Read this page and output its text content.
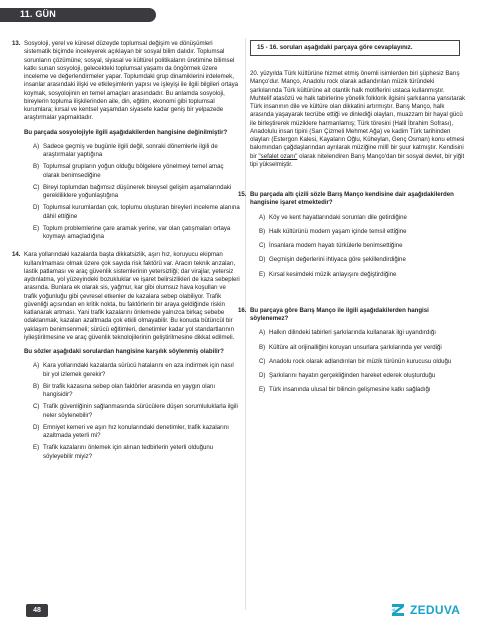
11. GÜN
13. Sosyoloji, yerel ve küresel düzeyde toplumsal değişim ve dönüşümleri sistematik biçimde inceleyerek açıklayan bir sosyal bilim dalıdır. Toplumsal sorunların çözümüne; sosyal, siyasal ve kültürel politikaların üretimine bilimsel katkı sunan sosyoloji, gelecekteki toplumsal yaşamı da öngörmek üzere inceleme ve değerlendirmeler yapar. Toplumdaki grup dinamiklerini irdelemek, insanlar arasındaki ilişki ve etkileşimlerin yapısı ve işleyişi ile ilgili bilgileri ortaya koymak, sosyolojinin en temel amaçları arasındadır. Bu anlamda sosyoloji, bireylerin topluma ilişkilerinden aile, din, eğitim, ekonomi gibi toplumsal kurumlara; kırsal ve kentsel yaşamdan siyasete kadar geniş bir yelpazede araştırmalar yapmaktadır.

Bu parçada sosyolojiyle ilgili aşağıdakilerden hangisine değinilmiştir?

A) Sadece geçmiş ve bugünle ilgili değil, sonraki dönemlerle ilgili de araştırmalar yaptığına

B) Toplumsal grupların yoğun olduğu bölgelere yönelmeyi temel amaç olarak benimsediğine

C) Bireyi toplumdan bağımsız düşünerek bireysel gelişim aşamalarındaki gerekliliklere yoğunlaştığına

D) Toplumsal kurumlardan çok, toplumu oluşturan bireyleri inceleme alanına dâhil ettiğine

E) Toplum problemlerine çare aramak yerine, var olan çatışmaları ortaya koymayı amaçladığına

14. Kara yollarındaki kazalarda başta dikkatsizlik, aşırı hız, koruyucu ekipman kullanılmaması olmak üzere çok sayıda risk faktörü var. Aracın teknik arızaları, lastik patlaması ve araç güvenlik sistemlerinin yetersizliği; dar virajlar, yetersiz aydınlatma, yol yüzeyindeki bozukluklar ve işaret belirsizlikleri de kaza sebepleri arasında. Bunlara ek olarak sis, yağmur, kar gibi olumsuz hava koşulları ve trafik yoğunluğu gibi çevresel etkenler de kazalara sebep olabiliyor. Trafik güvenliği açısından en kritik nokta, bu faktörlerin bir araya geldiğinde riskin katlanarak artması. Yani trafik kazalarını önlemede yalnızca birkaç sebebe odaklanmak, kazaları azaltmada çok etkili olmayabilir. Bu konuda bütüncül bir yaklaşım benimsenmeli; sürücü eğitimleri, denetimler kadar yol standartlarının iyileştirilmesine ve araç güvenlik teknolojilerinin geliştirilmesine dikkat edilmeli.

Bu sözler aşağıdaki sorulardan hangisine karşılık söylenmiş olabilir?

A) Kara yollarındaki kazalarda sürücü hatalarını en aza indirmek için nasıl bir yol izlemek gerekir?

B) Bir trafik kazasına sebep olan faktörler arasında en yaygın olanı hangisidir?

C) Trafik güvenliğinin sağlanmasında sürücülere düşen sorumluluklarla ilgili neler söylenebilir?

D) Emniyet kemeri ve aşırı hız konularındaki denetimler, trafik kazalarını azaltmada yeterli mi?

E) Trafik kazalarını önlemek için alınan tedbirlerin yeterli olduğunu söyleyebilir miyiz?

15 - 16. soruları aşağıdaki parçaya göre cevaplayınız.

20. yüzyılda Türk kültürüne hizmet etmiş önemli isimlerden biri şüphesiz Barış Manço'dur. Manço, Anadolu rock olarak adlandırılan müzik türündeki şarkılarında Türk kültürüne ait otantik halk motiflerini ustaca kullanmıştır. Muhtelif atasözü ve halk tabirlerine yönelik folklorik ilgisini şarkılarına yansıtarak Türk insanının dile ve kültüre olan dikkatini artırmıştır. Barış Manço, halk arasında yaşayarak tecrübe ettiği ve dinlediği olayları, muazzam bir hayal gücü ile birleştirerek müziklere harmanlamış; Türk töresini (Halil İbrahim Sofrası), Anadolulu insan tipini (Sarı Çizmeli Mehmet Ağa) ve kadim Türk tarihinden olayları (Estergon Kalesi, Kayaların Oğlu, Küheylan, Genç Osman) konu etmesi bakımından çağdaşlarından ayrılarak müziğine millî bir şuur katmıştır. Kendisini bir "sefalet ozanı" olarak nitelendiren Barış Manço'dan bir sosyal devlet, bir yiğit tipi yükselmiştir.

15. Bu parçada altı çizili sözle Barış Manço kendisine dair aşağıdakilerden hangisine işaret etmektedir?

A) Köy ve kent hayatlarındaki sorunları dile getirdiğine

B) Halk kültürünü modern yaşam içinde temsil ettiğine

C) İnsanlara modern hayatı türkülerle benimsettiğine

D) Geçmişin değerlerini ihtiyaca göre şekillendirdiğine

E) Kırsal kesimdeki müzik anlayışını değiştirdiğine

16. Bu parçaya göre Barış Manço ile ilgili aşağıdakilerden hangisi söylenemez?

A) Halkın dilindeki tabirleri şarkılarında kullanarak ilgi uyandırdığı

B) Kültüre ait orijinalliğini koruyan unsurlara şarkılarında yer verdiği

C) Anadolu rock olarak adlandırılan bir müzik türünün kurucusu olduğu

D) Şarkılarını hayatın gerçekliğinden hareket ederek oluşturduğu

E) Türk insanında ulusal bir bilincin gelişmesine katkı sağladığı

48	ZEDUVA
